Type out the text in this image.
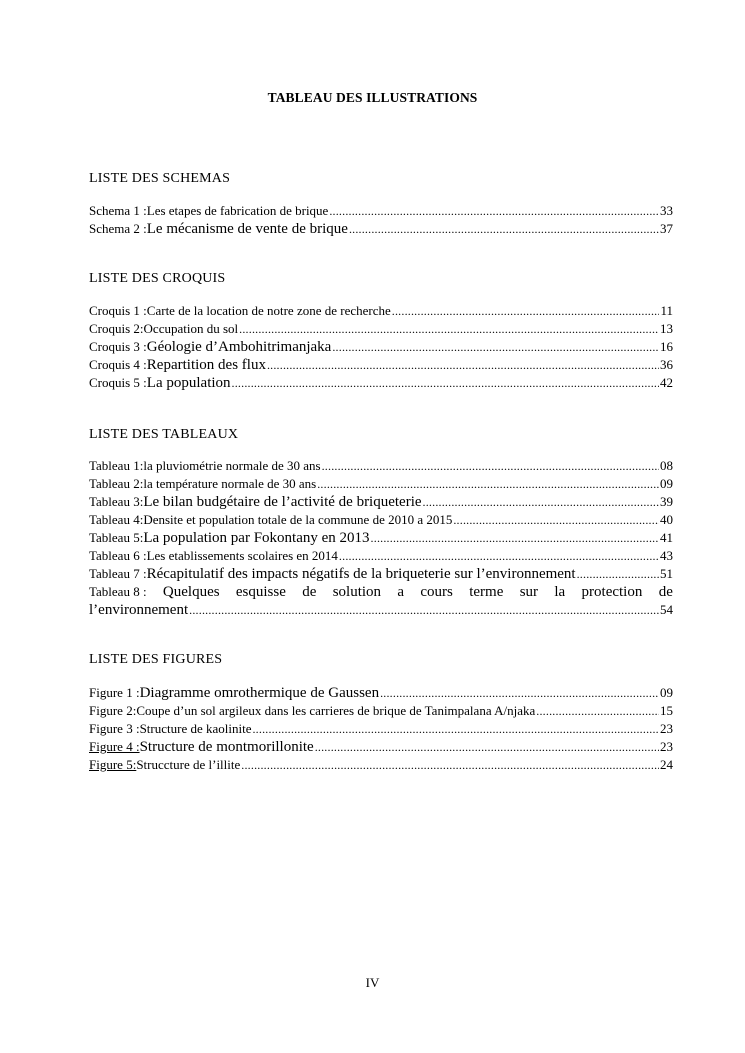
TABLEAU DES ILLUSTRATIONS
LISTE DES SCHEMAS
Schema 1 : Les etapes de fabrication de brique .....	33
Schema 2 : Le mécanisme de vente de brique .....	37
LISTE DES CROQUIS
Croquis 1 : Carte de la location de notre zone de recherche .....	11
Croquis 2: Occupation du sol .....	13
Croquis 3 : Géologie d’Ambohitrimanjaka .....	16
Croquis 4 : Repartition des flux .....	36
Croquis 5 : La population .....	42
LISTE DES TABLEAUX
Tableau 1: la pluviométrie normale de 30 ans .....	08
Tableau 2: la température normale de 30 ans .....	09
Tableau 3: Le bilan budgétaire de l’activité de briqueterie .....	39
Tableau 4: Densite et population totale de la commune de 2010 a 2015 .....	40
Tableau 5: La population par Fokontany en 2013 .....	41
Tableau 6 : Les etablissements scolaires en 2014 .....	43
Tableau 7 : Récapitulatif des impacts négatifs de la briqueterie sur l’environnement .....	51
Tableau 8 : Quelques esquisse de solution a cours terme sur la protection de
l’environnement .....	54
LISTE DES FIGURES
Figure 1 : Diagramme omrothermique de Gaussen .....	09
Figure 2: Coupe d’un sol argileux dans les carrieres de brique de Tanimpalana A/njaka .....	15
Figure 3 : Structure de kaolinite .....	23
Figure 4 : Structure de montmorillonite .....	23
Figure 5: Struccture de l’illite .....	24
IV
